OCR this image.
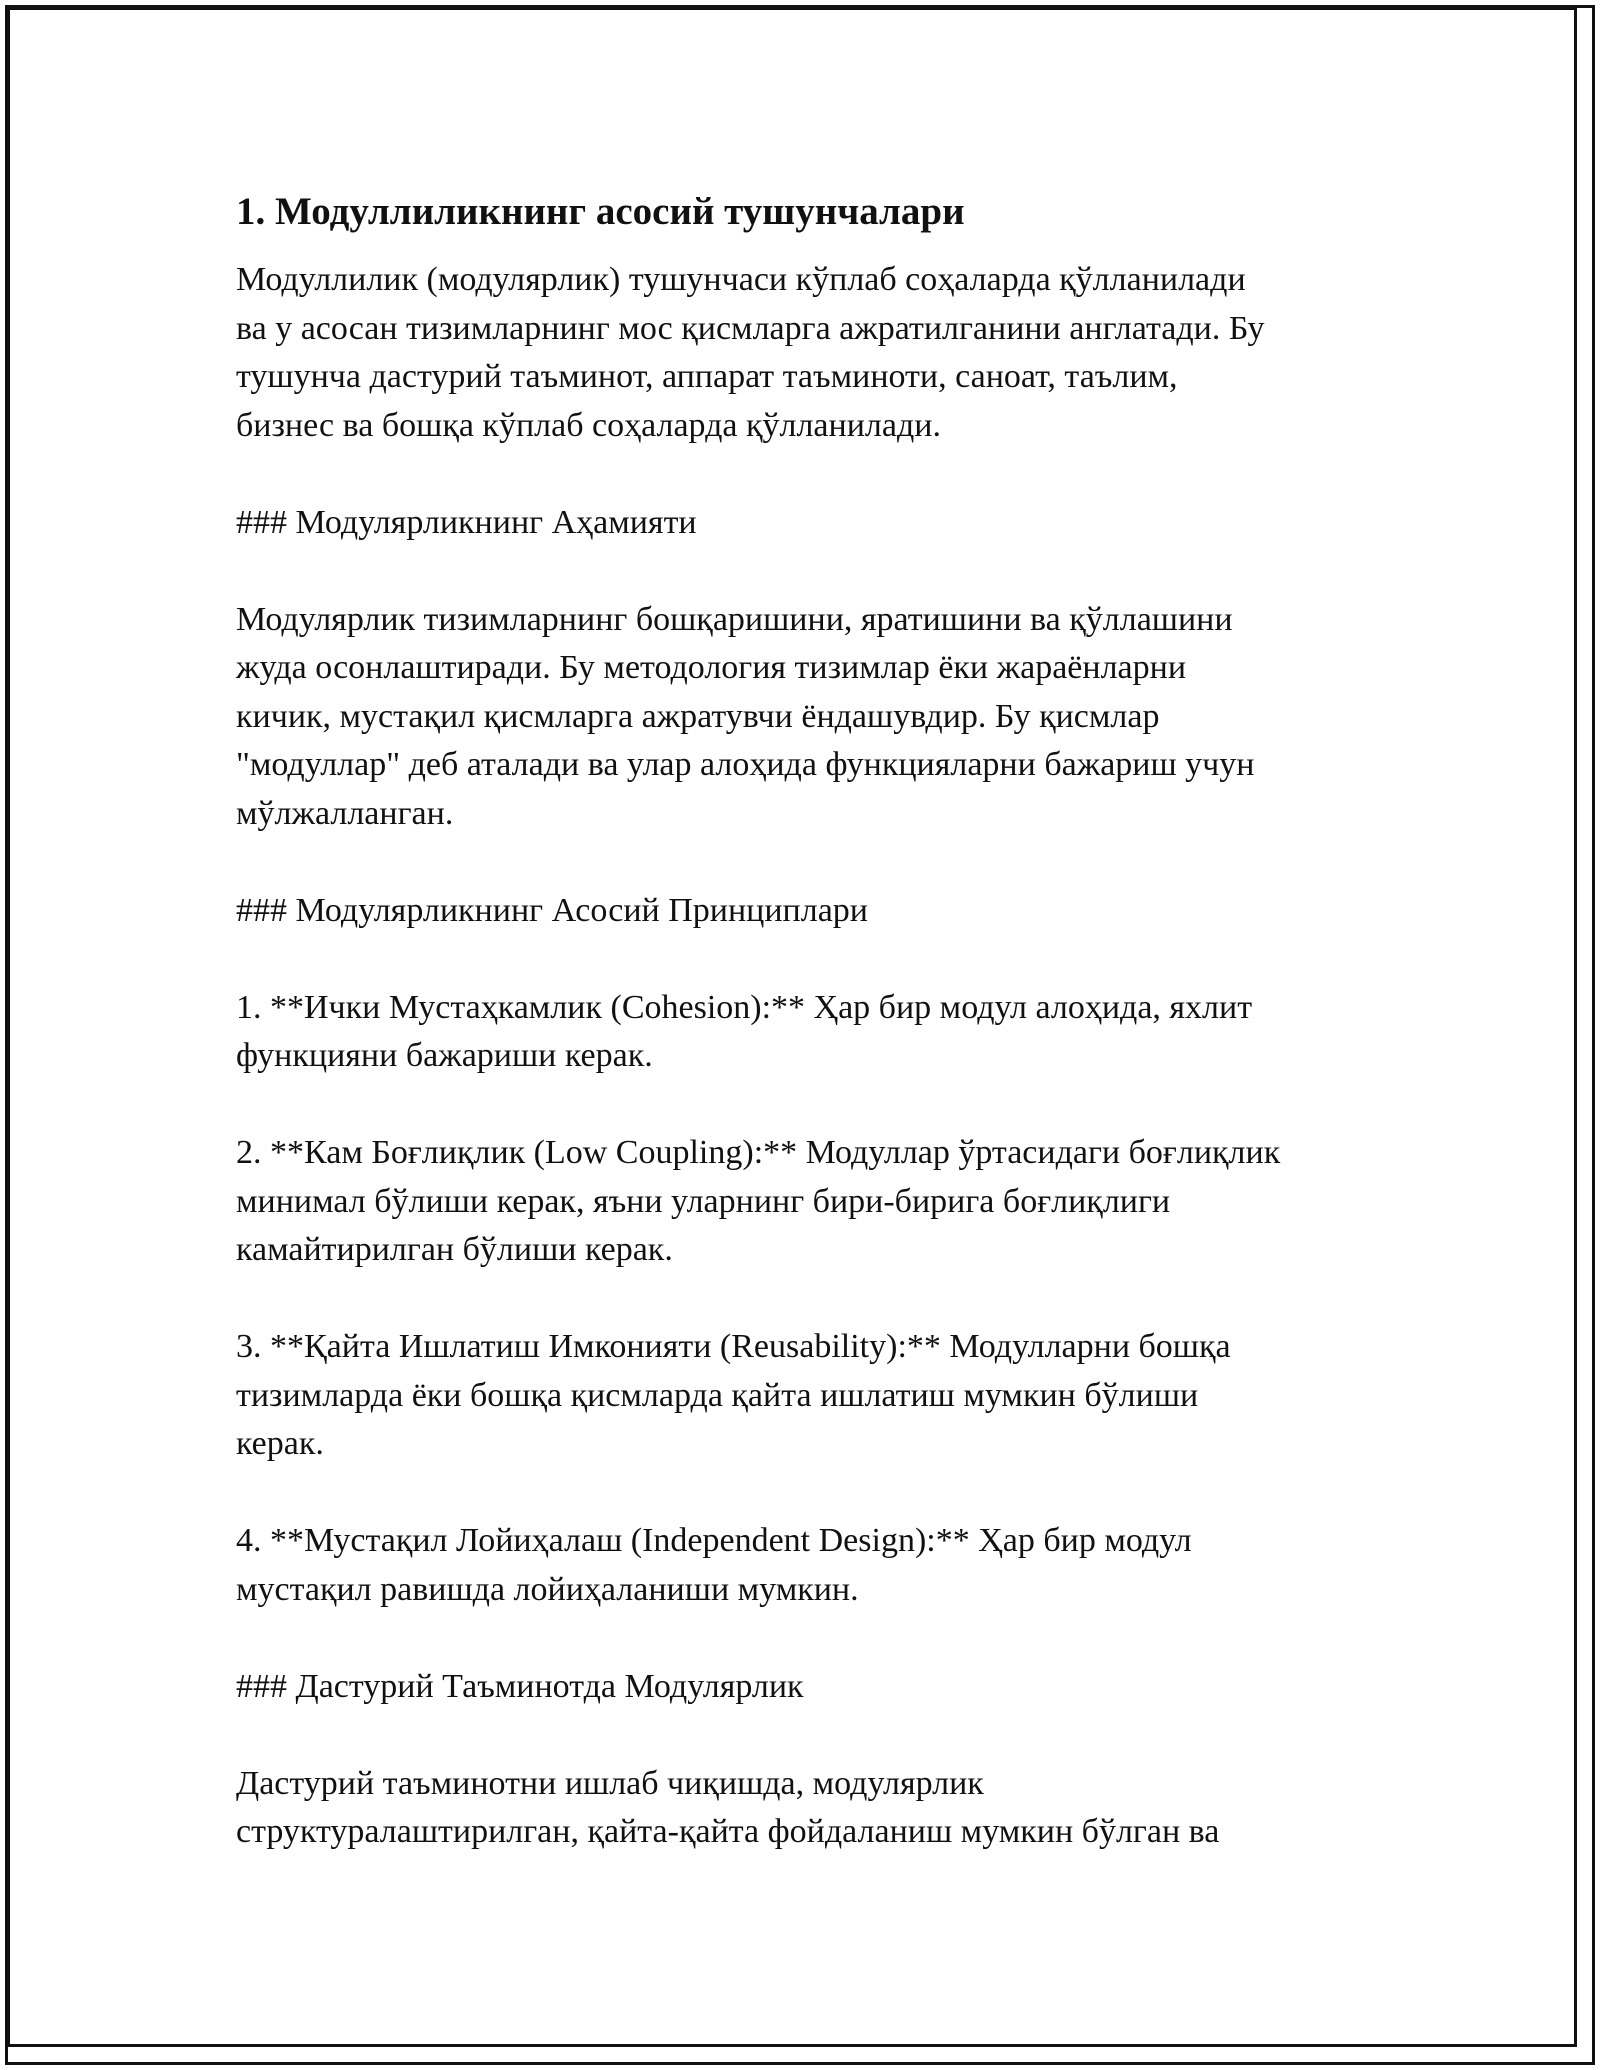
1. Модуллиликнинг асосий тушунчалари
Модуллилик (модулярлик) тушунчаси кўплаб соҳаларда қўлланилади
ва у асосан тизимларнинг мос қисмларга ажратилганини англатади. Бу
тушунча дастурий таъминот, аппарат таъминоти, саноат, таълим,
бизнес ва бошқа кўплаб соҳаларда қўлланилади.
### Модулярликнинг Аҳамияти
Модулярлик тизимларнинг бошқаришини, яратишини ва қўллашини
жуда осонлаштиради. Бу методология тизимлар ёки жараёнларни
кичик, мустақил қисмларга ажратувчи ёндашувдир. Бу қисмлар
"модуллар" деб аталади ва улар алоҳида функцияларни бажариш учун
мўлжалланган.
### Модулярликнинг Асосий Принциплари
1. **Ички Мустаҳкамлик (Cohesion):** Ҳар бир модул алоҳида, яхлит
функцияни бажариши керак.
2. **Кам Боғлиқлик (Low Coupling):** Модуллар ўртасидаги боғлиқлик
минимал бўлиши керак, яъни уларнинг бири-бирига боғлиқлиги
камайтирилган бўлиши керак.
3. **Қайта Ишлатиш Имконияти (Reusability):** Модулларни бошқа
тизимларда ёки бошқа қисмларда қайта ишлатиш мумкин бўлиши
керак.
4. **Мустақил Лойиҳалаш (Independent Design):** Ҳар бир модул
мустақил равишда лойиҳаланиши мумкин.
### Дастурий Таъминотда Модулярлик
Дастурий таъминотни ишлаб чиқишда, модулярлик
структуралаштирилган, қайта-қайта фойдаланиш мумкин бўлган ва
